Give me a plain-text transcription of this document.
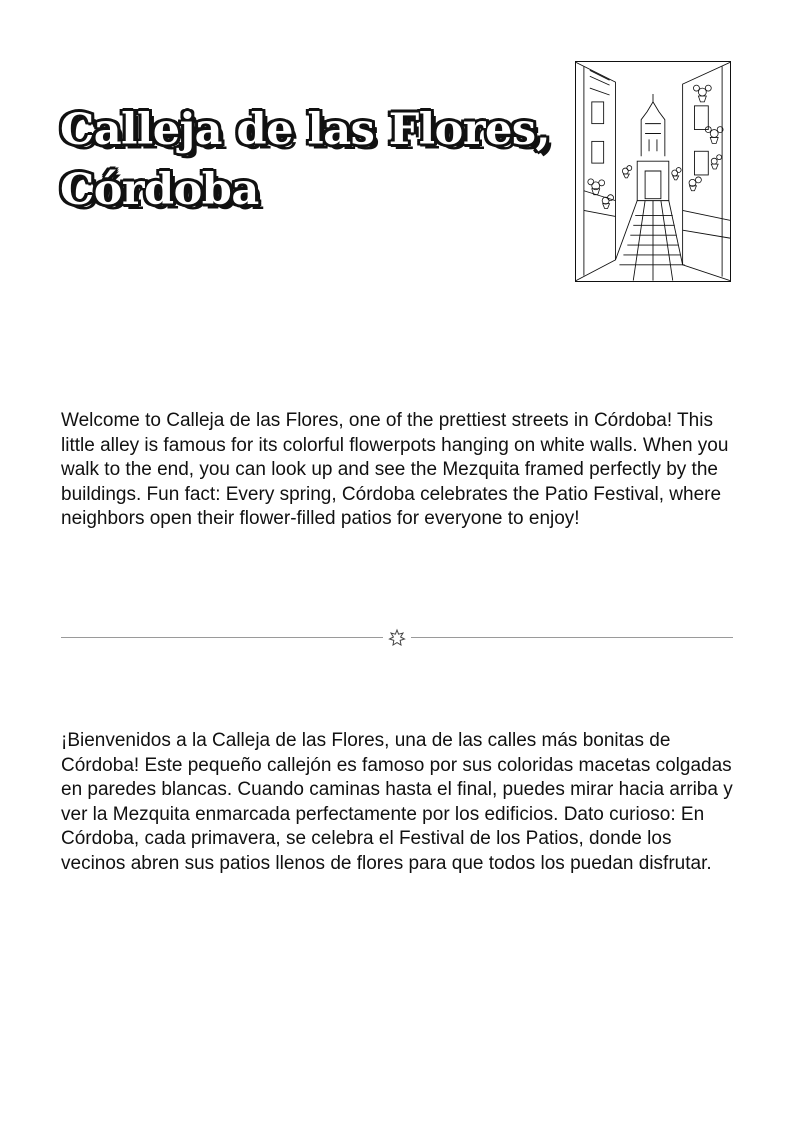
Calleja de las Flores,
Córdoba

Welcome to Calleja de las Flores, one of the prettiest streets in Córdoba! This little alley is famous for its colorful flowerpots hanging on white walls. When you walk to the end, you can look up and see the Mezquita framed perfectly by the buildings. Fun fact: Every spring, Córdoba celebrates the Patio Festival, where neighbors open their flower-filled patios for everyone to enjoy!

¡Bienvenidos a la Calleja de las Flores, una de las calles más bonitas de Córdoba! Este pequeño callejón es famoso por sus coloridas macetas colgadas en paredes blancas. Cuando caminas hasta el final, puedes mirar hacia arriba y ver la Mezquita enmarcada perfectamente por los edificios. Dato curioso: En Córdoba, cada primavera, se celebra el Festival de los Patios, donde los vecinos abren sus patios llenos de flores para que todos los puedan disfrutar.
